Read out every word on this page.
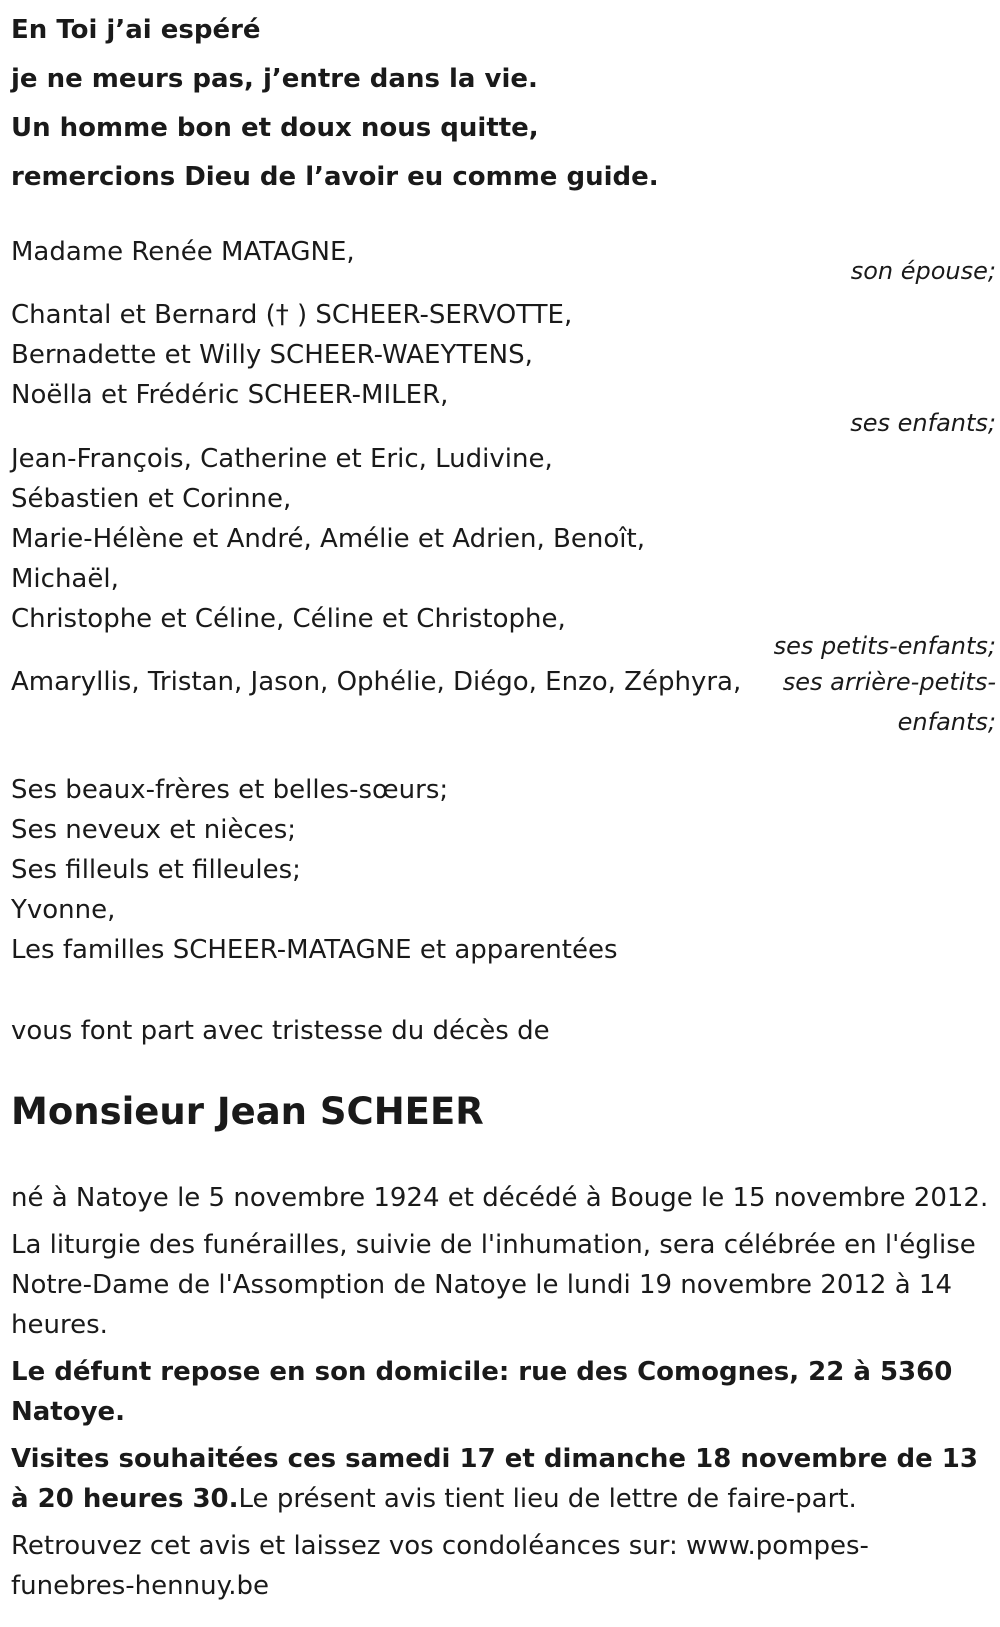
En Toi j’ai espéré
je ne meurs pas, j’entre dans la vie.
Un homme bon et doux nous quitte,
remercions Dieu de l’avoir eu comme guide.
Madame Renée MATAGNE,
son épouse;
Chantal et Bernard († ) SCHEER-SERVOTTE,
Bernadette et Willy SCHEER-WAEYTENS,
Noëlla et Frédéric SCHEER-MILER,
ses enfants;
Jean-François, Catherine et Eric, Ludivine,
Sébastien et Corinne,
Marie-Hélène et André, Amélie et Adrien, Benoît,
Michaël,
Christophe et Céline, Céline et Christophe,
ses petits-enfants;
Amaryllis, Tristan, Jason, Ophélie, Diégo, Enzo, Zéphyra,	ses arrière-petits-
enfants;
Ses beaux-frères et belles-sœurs;
Ses neveux et nièces;
Ses filleuls et filleules;
Yvonne,
Les familles SCHEER-MATAGNE et apparentées
vous font part avec tristesse du décès de
Monsieur Jean SCHEER
né à Natoye le 5 novembre 1924 et décédé à Bouge le 15 novembre 2012.
La liturgie des funérailles, suivie de l'inhumation, sera célébrée en l'église Notre-Dame de l'Assomption de Natoye le lundi 19 novembre 2012 à 14 heures.
Le défunt repose en son domicile: rue des Comognes, 22 à 5360 Natoye.
Visites souhaitées ces samedi 17 et dimanche 18 novembre de 13 à 20 heures 30.Le présent avis tient lieu de lettre de faire-part.
Retrouvez cet avis et laissez vos condoléances sur: www.pompes-funebres-hennuy.be
